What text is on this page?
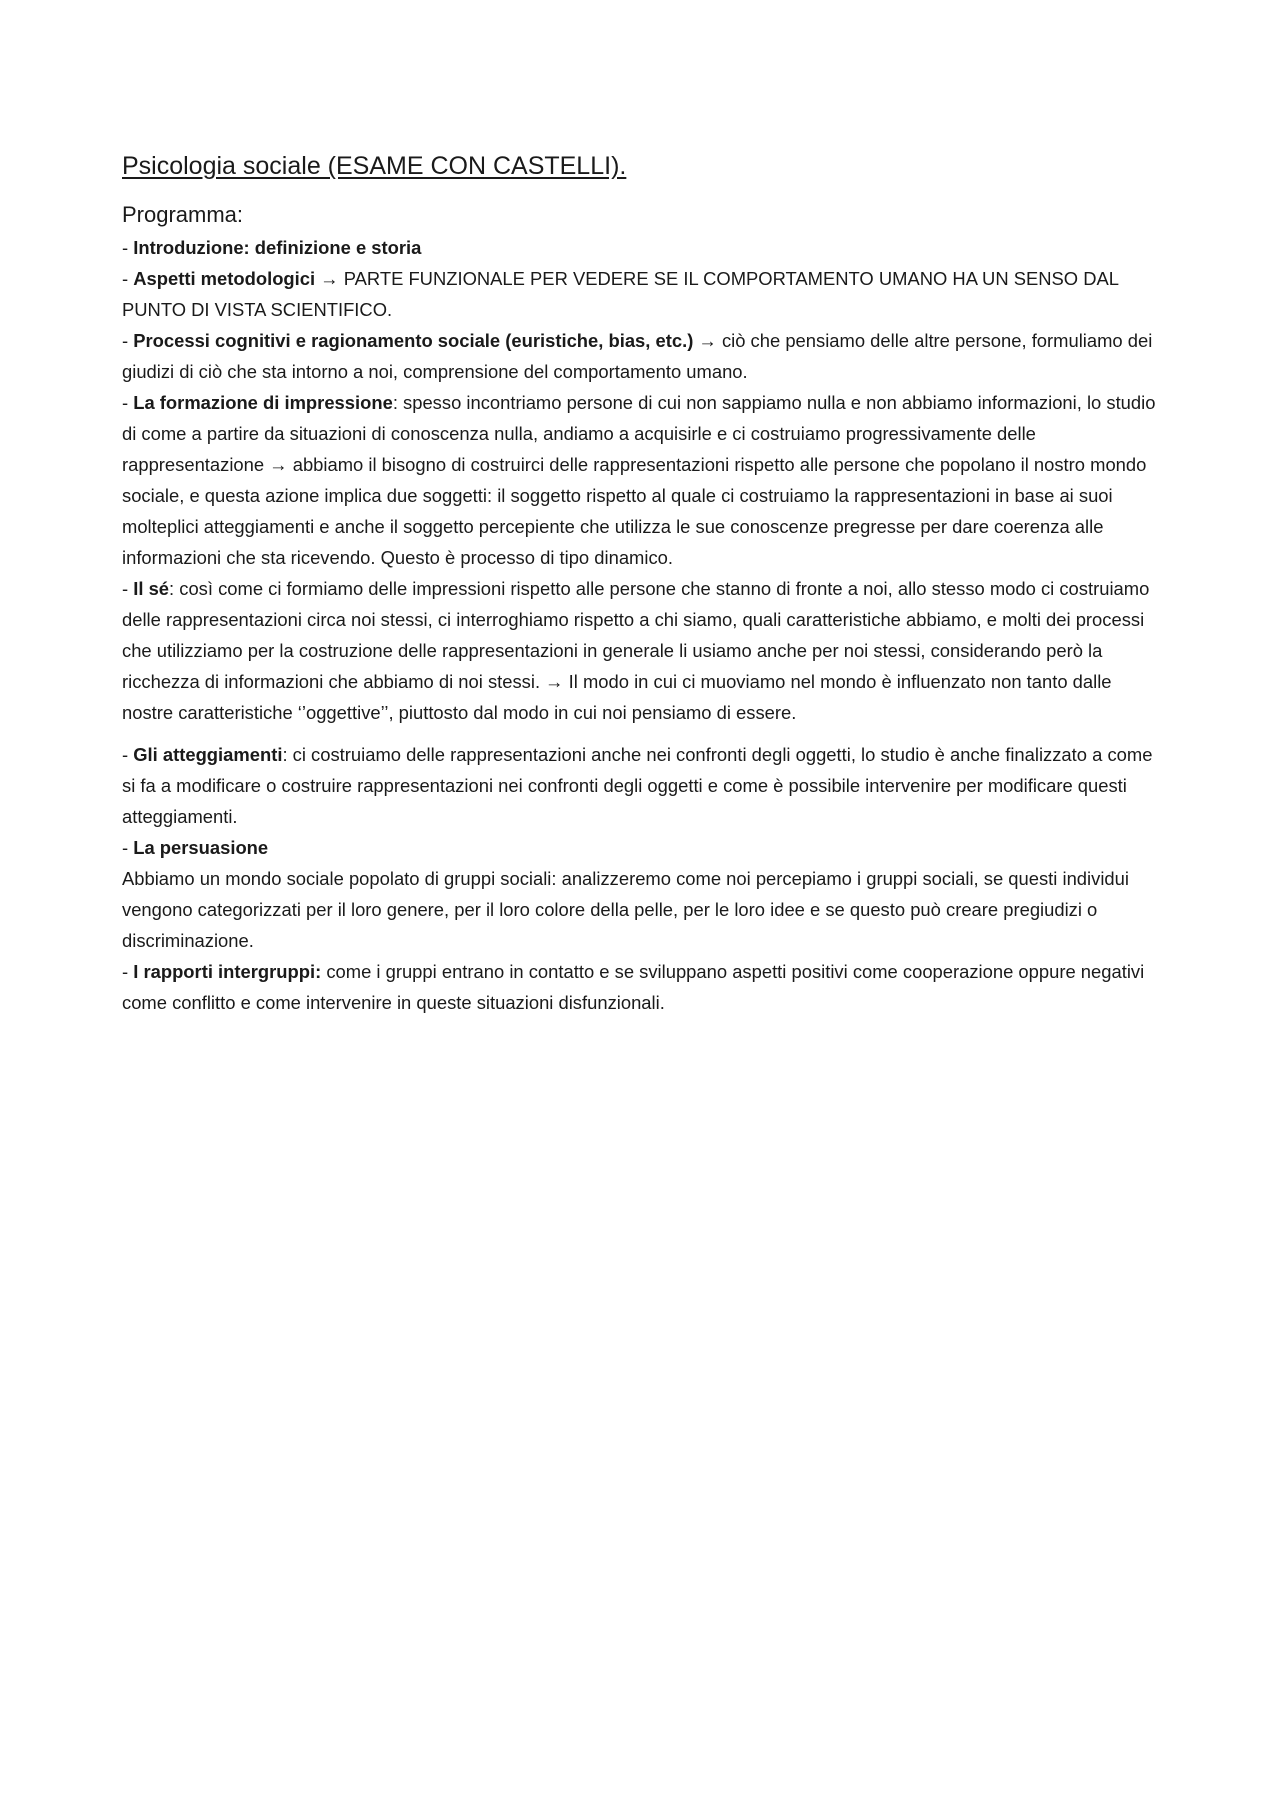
Psicologia sociale (ESAME CON CASTELLI).
Programma:

- Introduzione: definizione e storia

- Aspetti metodologici → PARTE FUNZIONALE PER VEDERE SE IL COMPORTAMENTO UMANO HA UN SENSO DAL PUNTO DI VISTA SCIENTIFICO.

- Processi cognitivi e ragionamento sociale (euristiche, bias, etc.) → ciò che pensiamo delle altre persone, formuliamo dei giudizi di ciò che sta intorno a noi, comprensione del comportamento umano.

- La formazione di impressione: spesso incontriamo persone di cui non sappiamo nulla e non abbiamo informazioni, lo studio di come a partire da situazioni di conoscenza nulla, andiamo a acquisirle e ci costruiamo progressivamente delle rappresentazione → abbiamo il bisogno di costruirci delle rappresentazioni rispetto alle persone che popolano il nostro mondo sociale, e questa azione implica due soggetti: il soggetto rispetto al quale ci costruiamo la rappresentazioni in base ai suoi molteplici atteggiamenti e anche il soggetto percepiente che utilizza le sue conoscenze pregresse per dare coerenza alle informazioni che sta ricevendo. Questo è processo di tipo dinamico.

- Il sé: così come ci formiamo delle impressioni rispetto alle persone che stanno di fronte a noi, allo stesso modo ci costruiamo delle rappresentazioni circa noi stessi, ci interroghiamo rispetto a chi siamo, quali caratteristiche abbiamo, e molti dei processi che utilizziamo per la costruzione delle rappresentazioni in generale li usiamo anche per noi stessi, considerando però la ricchezza di informazioni che abbiamo di noi stessi. → Il modo in cui ci muoviamo nel mondo è influenzato non tanto dalle nostre caratteristiche ‘’oggettive’’, piuttosto dal modo in cui noi pensiamo di essere.

- Gli atteggiamenti: ci costruiamo delle rappresentazioni anche nei confronti degli oggetti, lo studio è anche finalizzato a come si fa a modificare o costruire rappresentazioni nei confronti degli oggetti e come è possibile intervenire per modificare questi atteggiamenti.

- La persuasione

Abbiamo un mondo sociale popolato di gruppi sociali: analizzeremo come noi percepiamo i gruppi sociali, se questi individui vengono categorizzati per il loro genere, per il loro colore della pelle, per le loro idee e se questo può creare pregiudizi o discriminazione.

- I rapporti intergruppi: come i gruppi entrano in contatto e se sviluppano aspetti positivi come cooperazione oppure negativi come conflitto e come intervenire in queste situazioni disfunzionali.
